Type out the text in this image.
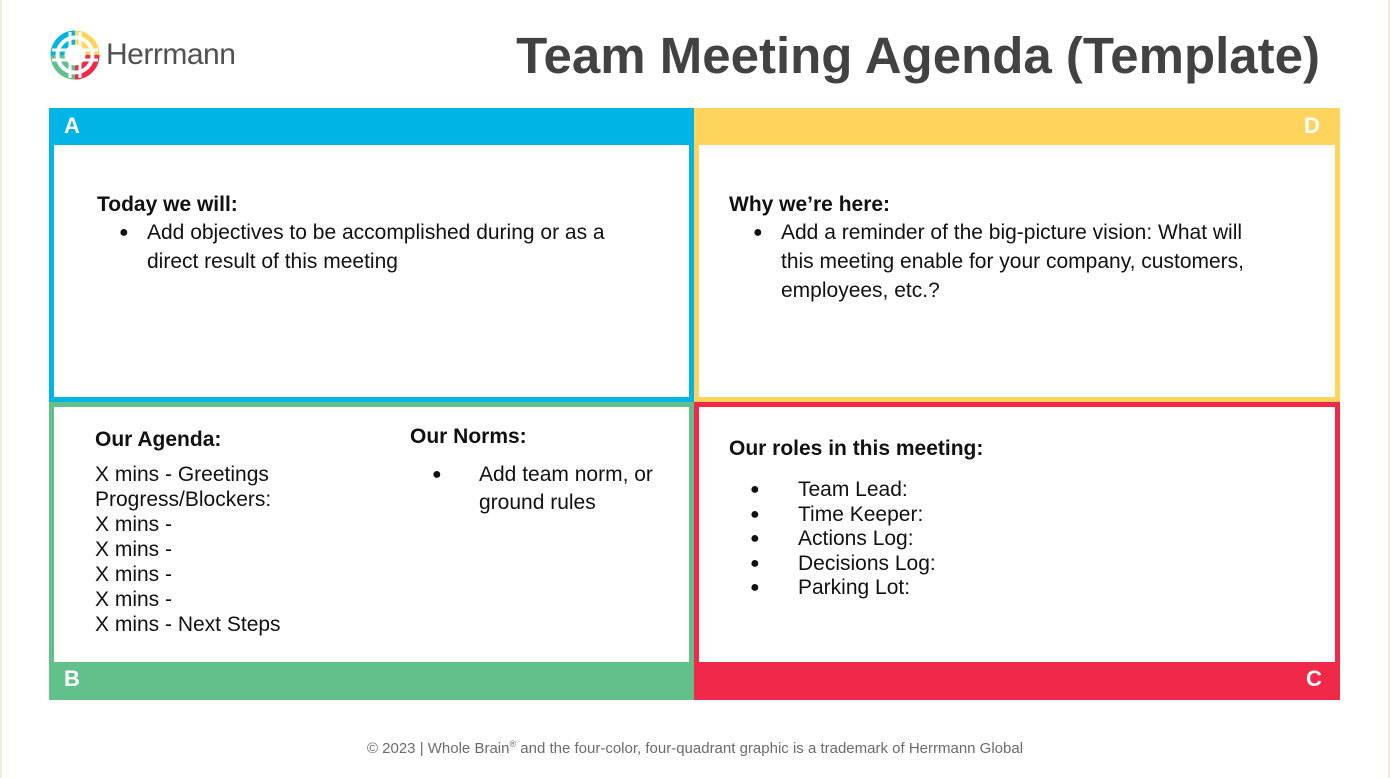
Herrmann	Team Meeting Agenda (Template)
A	D
B	C
Today we will:
● Add objectives to be accomplished during or as a direct result of this meeting
Why we’re here:
● Add a reminder of the big-picture vision: What will this meeting enable for your company, customers, employees, etc.?
Our Agenda:
X mins - Greetings
Progress/Blockers:
X mins -
X mins -
X mins -
X mins -
X mins - Next Steps
Our Norms:
●	Add team norm, or ground rules
Our roles in this meeting:
●	Team Lead:
●	Time Keeper:
●	Actions Log:
●	Decisions Log:
●	Parking Lot:
© 2023 | Whole Brain® and the four-color, four-quadrant graphic is a trademark of Herrmann Global
